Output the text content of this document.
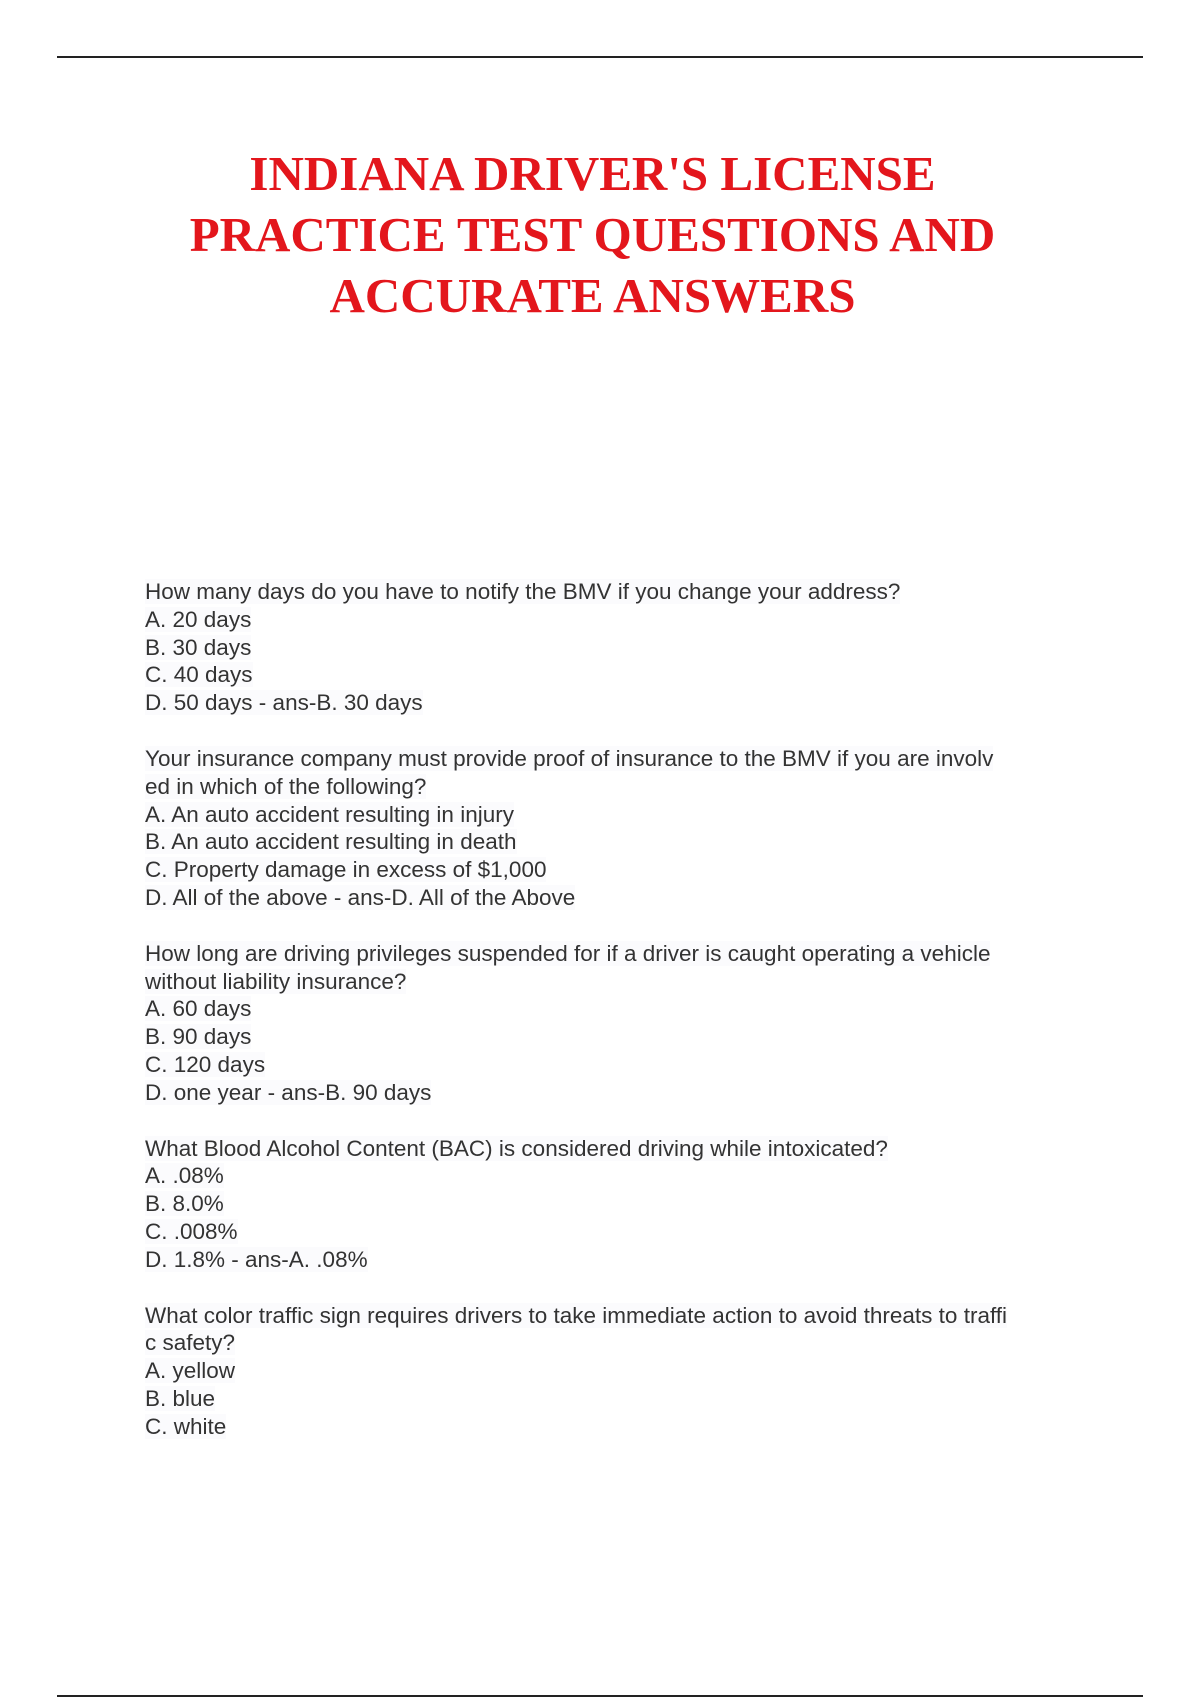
INDIANA DRIVER'S LICENSE
PRACTICE TEST QUESTIONS AND
ACCURATE ANSWERS
How many days do you have to notify the BMV if you change your address?
A. 20 days
B. 30 days
C. 40 days
D. 50 days - ans-B. 30 days
Your insurance company must provide proof of insurance to the BMV if you are involv
ed in which of the following?
A. An auto accident resulting in injury
B. An auto accident resulting in death
C. Property damage in excess of $1,000
D. All of the above - ans-D. All of the Above
How long are driving privileges suspended for if a driver is caught operating a vehicle
without liability insurance?
A. 60 days
B. 90 days
C. 120 days
D. one year - ans-B. 90 days
What Blood Alcohol Content (BAC) is considered driving while intoxicated?
A. .08%
B. 8.0%
C. .008%
D. 1.8% - ans-A. .08%
What color traffic sign requires drivers to take immediate action to avoid threats to traffi
c safety?
A. yellow
B. blue
C. white
